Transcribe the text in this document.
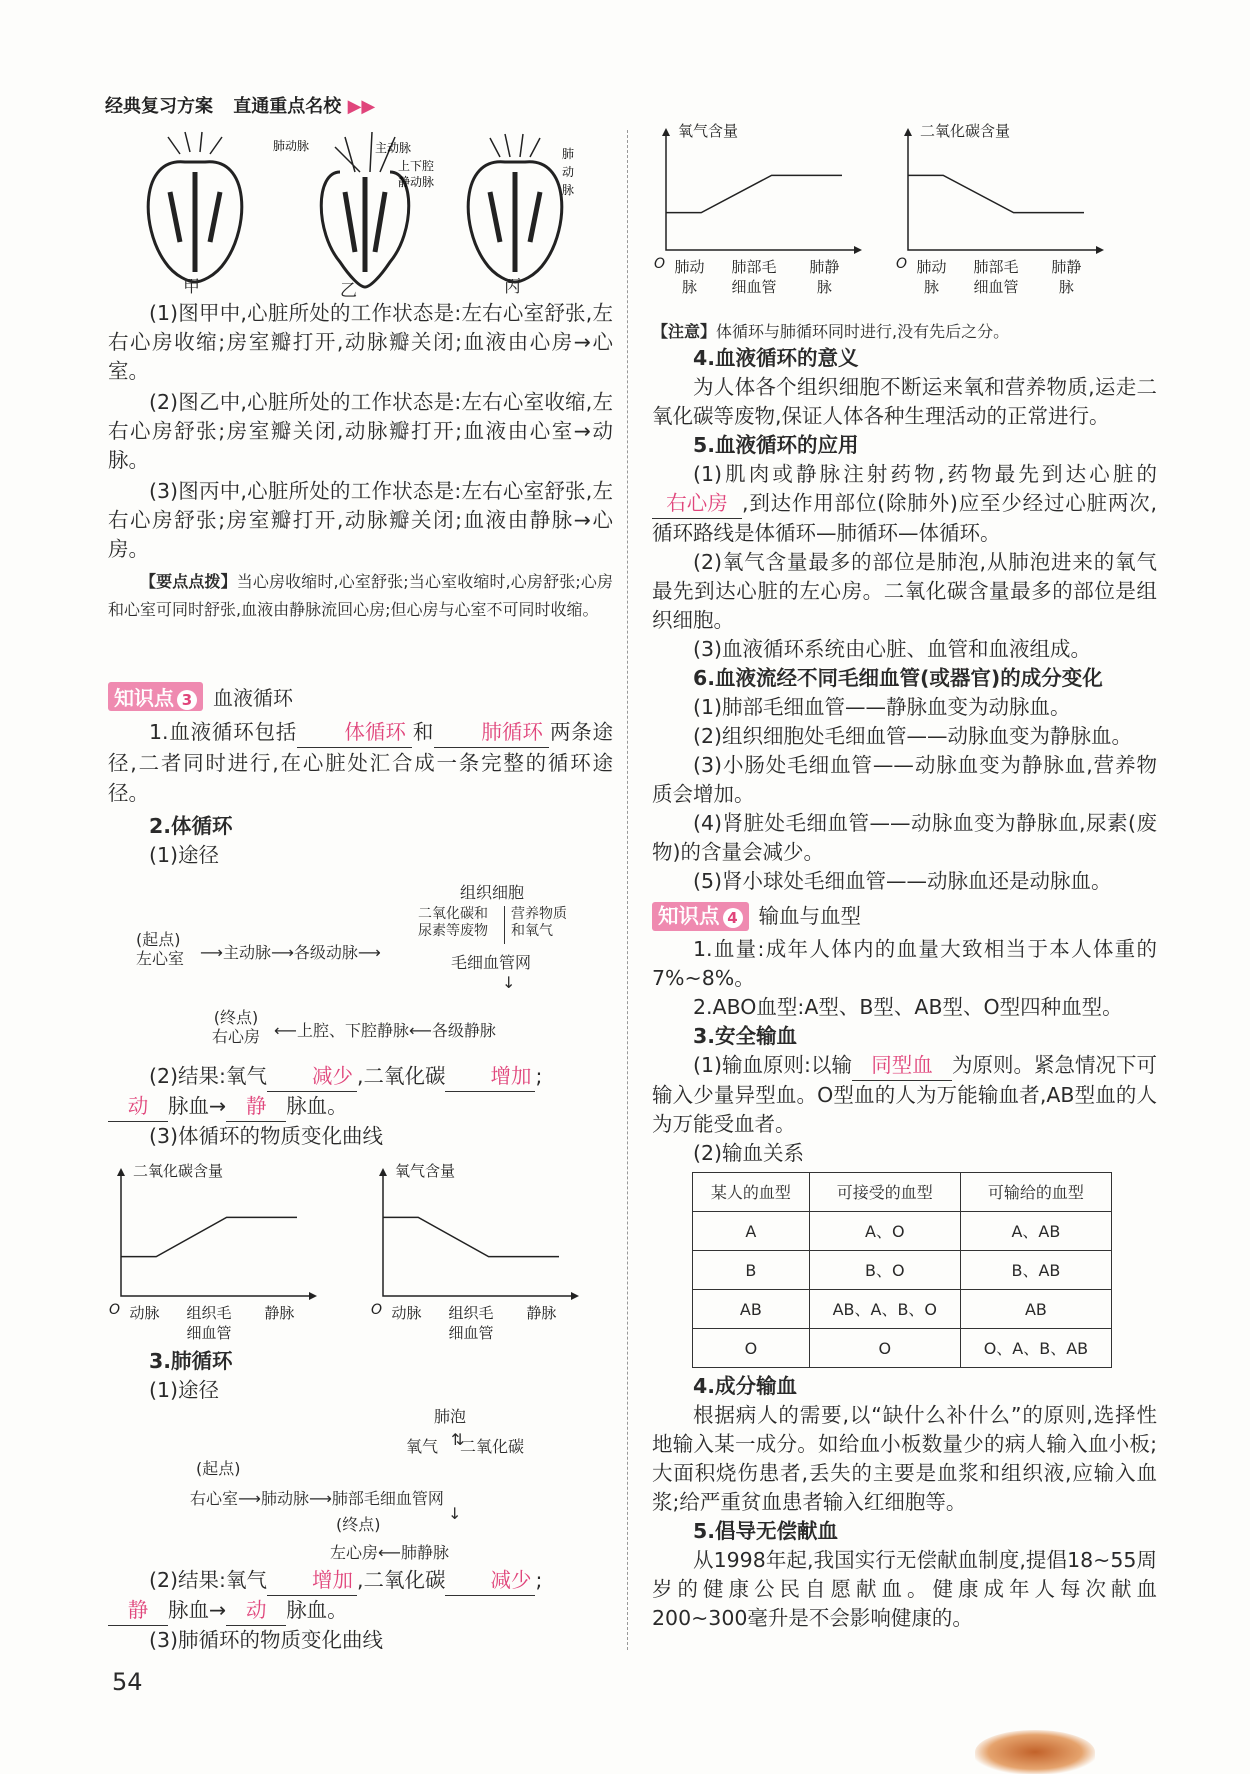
经典复习方案 直通重点名校 ▶▶
肺动脉	主动脉
上下腔
静动脉
肺
动
脉
甲	乙	丙

(1)图甲中,心脏所处的工作状态是:左右心室舒张,左右心房收缩;房室瓣打开,动脉瓣关闭;血液由心房→心室。

(2)图乙中,心脏所处的工作状态是:左右心室收缩,左右心房舒张;房室瓣关闭,动脉瓣打开;血液由心室→动脉。

(3)图丙中,心脏所处的工作状态是:左右心室舒张,左右心房舒张;房室瓣打开,动脉瓣关闭;血液由静脉→心房。

【要点点拨】当心房收缩时,心室舒张;当心室收缩时,心房舒张;心房和心室可同时舒张,血液由静脉流回心房;但心房与心室不可同时收缩。

知识点 3 血液循环

1.血液循环包括 体循环 和 肺循环 两条途径,二者同时进行,在心脏处汇合成一条完整的循环途径。

2.体循环

(1)途径

组织细胞
二氧化碳和
尿素等废物
营养物质
和氧气
(起点)
左心室 ⟶主动脉⟶各级动脉⟶
毛细血管网
↓
(终点)
右心房 ⟵上腔、下腔静脉⟵各级静脉

(2)结果:氧气 减少 ,二氧化碳 增加 ;

动 脉血→ 静 脉血。

(3)体循环的物质变化曲线

二氧化碳含量
O 动脉 组织毛
细血管
静脉
氧气含量
O 动脉 组织毛
细血管
静脉

3.肺循环

(1)途径

肺泡
氧气 ⇅
二氧化碳
(起点)
右心室⟶肺动脉⟶肺部毛细血管网
↓
(终点)
左心房⟵肺静脉

(2)结果:氧气 增加 ,二氧化碳 减少 ;

静 脉血→ 动 脉血。

(3)肺循环的物质变化曲线

54
氧气含量
O 肺动
脉
肺部毛
细血管
肺静
脉
二氧化碳含量
O 肺动
脉
肺部毛
细血管
肺静
脉
【注意】体循环与肺循环同时进行,没有先后之分。

4.血液循环的意义

为人体各个组织细胞不断运来氧和营养物质,运走二氧化碳等废物,保证人体各种生理活动的正常进行。

5.血液循环的应用

(1)肌肉或静脉注射药物,药物最先到达心脏的右心房 ,到达作用部位(除肺外)应至少经过心脏两次,循环路线是体循环—肺循环—体循环。

(2)氧气含量最多的部位是肺泡,从肺泡进来的氧气最先到达心脏的左心房。二氧化碳含量最多的部位是组织细胞。

(3)血液循环系统由心脏、血管和血液组成。

6.血液流经不同毛细血管(或器官)的成分变化

(1)肺部毛细血管——静脉血变为动脉血。

(2)组织细胞处毛细血管——动脉血变为静脉血。

(3)小肠处毛细血管——动脉血变为静脉血,营养物质会增加。

(4)肾脏处毛细血管——动脉血变为静脉血,尿素(废物)的含量会减少。

(5)肾小球处毛细血管——动脉血还是动脉血。

知识点 4 输血与血型

1.血量:成年人体内的血量大致相当于本人体重的7%~8%。

2.ABO血型:A型、B型、AB型、O型四种血型。

3.安全输血

(1)输血原则:以输 同型血 为原则。紧急情况下可输入少量异型血。O型血的人为万能输血者,AB型血的人为万能受血者。

(2)输血关系

某人的血型	可接受的血型	可输给的血型
A	A、O	A、AB
B	B、O	B、AB
AB	AB、A、B、O	AB
O	O	O、A、B、AB

4.成分输血

根据病人的需要,以“缺什么补什么”的原则,选择性地输入某一成分。如给血小板数量少的病人输入血小板;大面积烧伤患者,丢失的主要是血浆和组织液,应输入血浆;给严重贫血患者输入红细胞等。

5.倡导无偿献血

从1998年起,我国实行无偿献血制度,提倡18~55周岁的健康公民自愿献血。健康成年人每次献血200~300毫升是不会影响健康的。
